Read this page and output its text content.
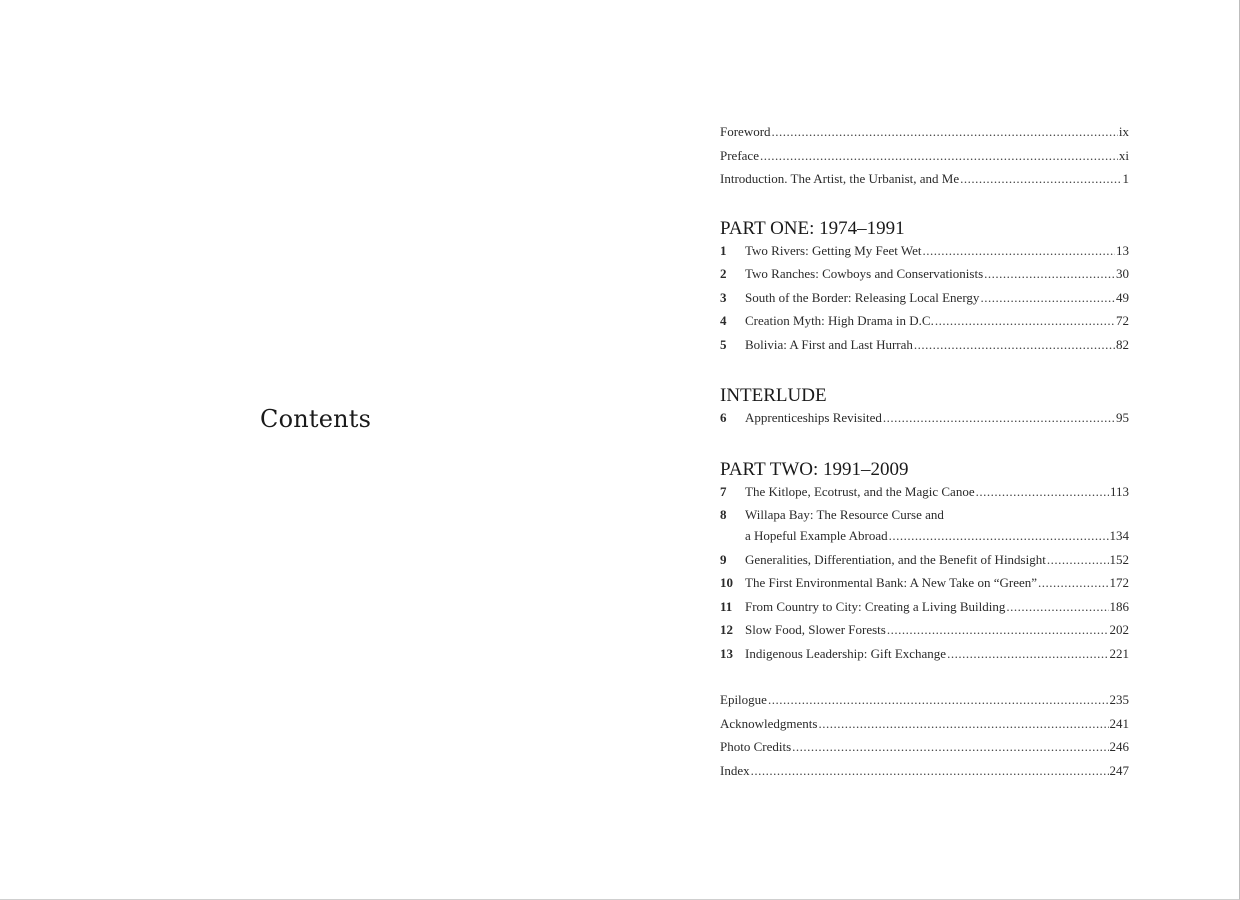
Contents
Foreword .....	ix
Preface .....	xi
Introduction. The Artist, the Urbanist, and Me .....	1
PART ONE: 1974–1991
1	Two Rivers: Getting My Feet Wet .....	13
2	Two Ranches: Cowboys and Conservationists .....	30
3	South of the Border: Releasing Local Energy .....	49
4	Creation Myth: High Drama in D.C. .....	72
5	Bolivia: A First and Last Hurrah .....	82
INTERLUDE
6	Apprenticeships Revisited .....	95
PART TWO: 1991–2009
7	The Kitlope, Ecotrust, and the Magic Canoe .....	113
8	Willapa Bay: The Resource Curse and
a Hopeful Example Abroad .....	134
9	Generalities, Differentiation, and the Benefit of Hindsight .....	152
10 The First Environmental Bank: A New Take on “Green” .....	172
11 From Country to City: Creating a Living Building .....	186
12 Slow Food, Slower Forests .....	202
13 Indigenous Leadership: Gift Exchange .....	221
Epilogue .....	235
Acknowledgments .....	241
Photo Credits .....	246
Index .....	247
